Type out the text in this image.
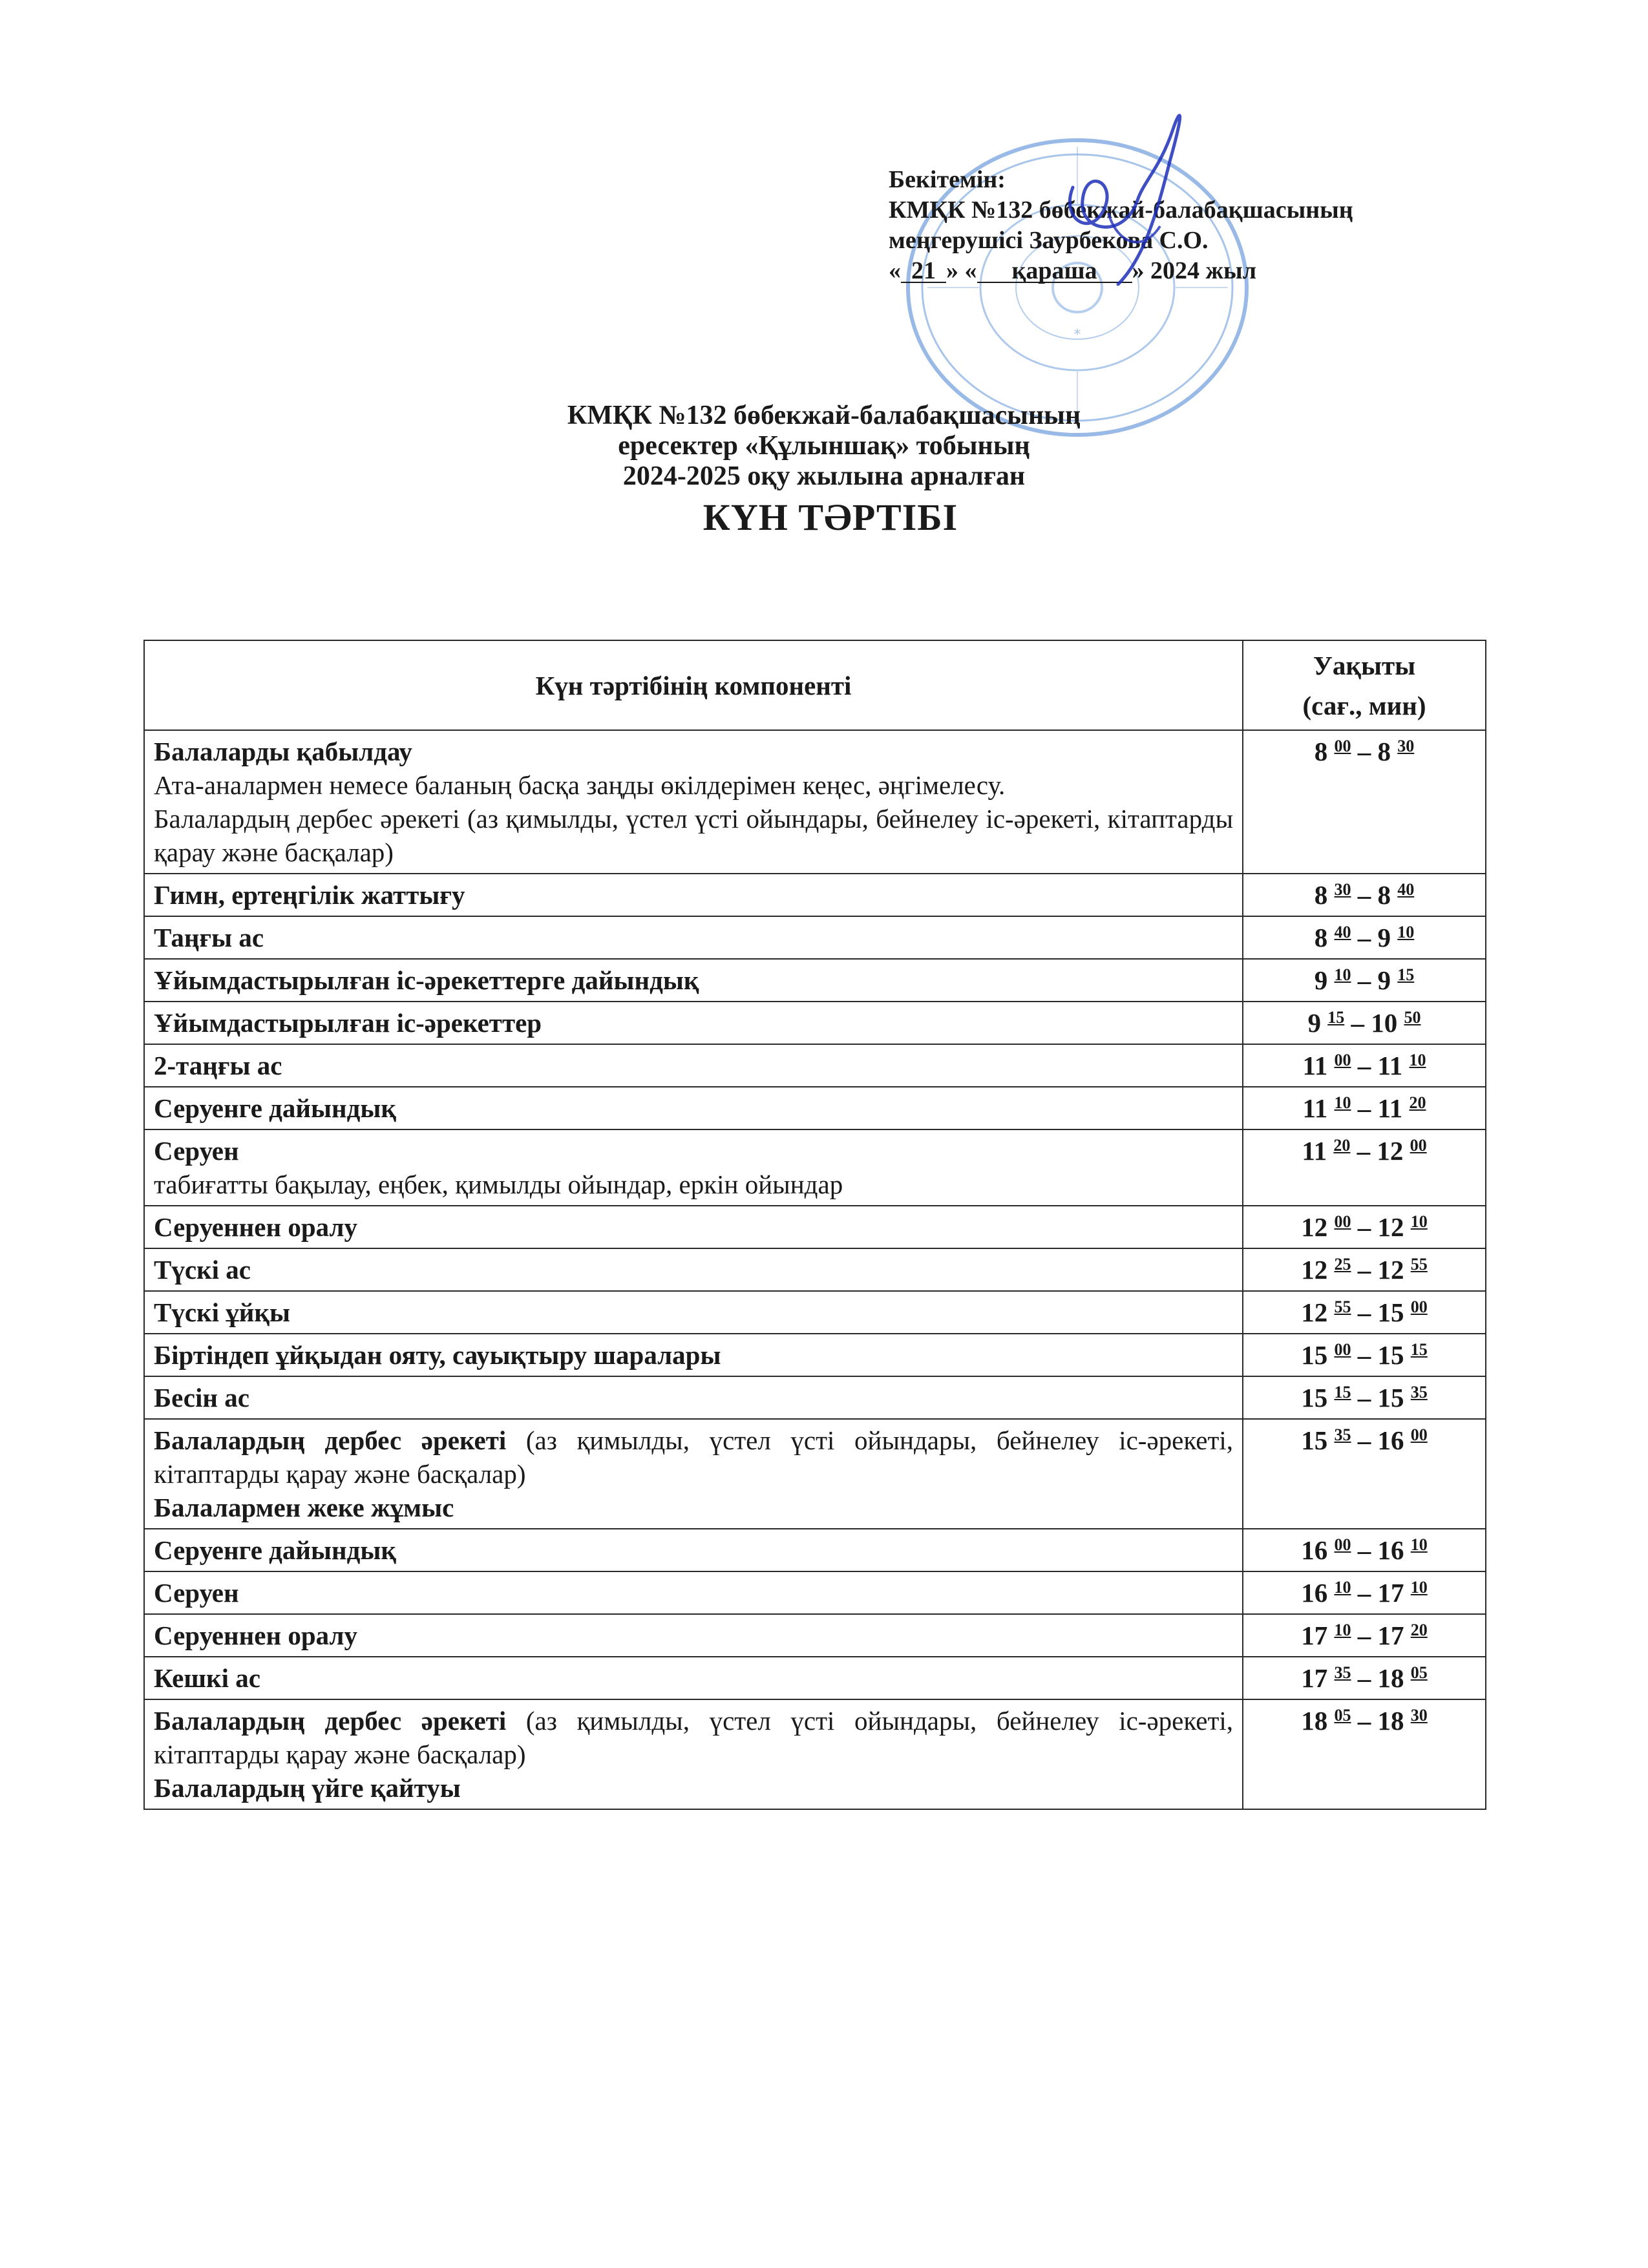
*
Бекітемін:
КМҚК №132 бөбекжай-балабақшасының
меңгерушісі Заурбекова С.О.
« 21 » « қараша » 2024 жыл
КМҚК №132 бөбекжай-балабақшасының
ересектер «Құлыншақ» тобының
2024-2025 оқу жылына арналған
КҮН ТӘРТІБІ
Күн тәртібінің компоненті	Уақыты
(сағ., мин)

Балаларды қабылдау
Ата-аналармен немесе баланың басқа заңды өкілдерімен кеңес, әңгімелесу.
Балалардың дербес әрекеті (аз қимылды, үстел үсті ойындары, бейнелеу іс-әрекеті, кітаптарды қарау және басқалар)	8 $^{00}$ – 8 $^{30}$

Гимн, ертеңгілік жаттығу	8 $^{30}$ – 8 $^{40}$

Таңғы ас	8 $^{40}$ – 9 $^{10}$

Ұйымдастырылған іс-әрекеттерге дайындық	9 $^{10}$ – 9 $^{15}$

Ұйымдастырылған іс-әрекеттер	9 $^{15}$ – 10 $^{50}$

2-таңғы ас	11 $^{00}$ – 11 $^{10}$

Серуенге дайындық	11 $^{10}$ – 11 $^{20}$

Серуен
табиғатты бақылау, еңбек, қимылды ойындар, еркін ойындар	11 $^{20}$ – 12 $^{00}$

Серуеннен оралу	12 $^{00}$ – 12 $^{10}$

Түскі ас	12 $^{25}$ – 12 $^{55}$

Түскі ұйқы	12 $^{55}$ – 15 $^{00}$

Біртіндеп ұйқыдан ояту, сауықтыру шаралары	15 $^{00}$ – 15 $^{15}$

Бесін ас	15 $^{15}$ – 15 $^{35}$
Балалардың дербес әрекеті (аз қимылды, үстел үсті ойындары, бейнелеу іс-әрекеті, кітаптарды қарау және басқалар)
Балалармен жеке жұмыс	15 $^{35}$ – 16 $^{00}$

Серуенге дайындық	16 $^{00}$ – 16 $^{10}$

Серуен	16 $^{10}$ – 17 $^{10}$

Серуеннен оралу	17 $^{10}$ – 17 $^{20}$

Кешкі ас	17 $^{35}$ – 18 $^{05}$
Балалардың дербес әрекеті (аз қимылды, үстел үсті ойындары, бейнелеу іс-әрекеті, кітаптарды қарау және басқалар)
Балалардың үйге қайтуы	18 $^{05}$ – 18 $^{30}$
